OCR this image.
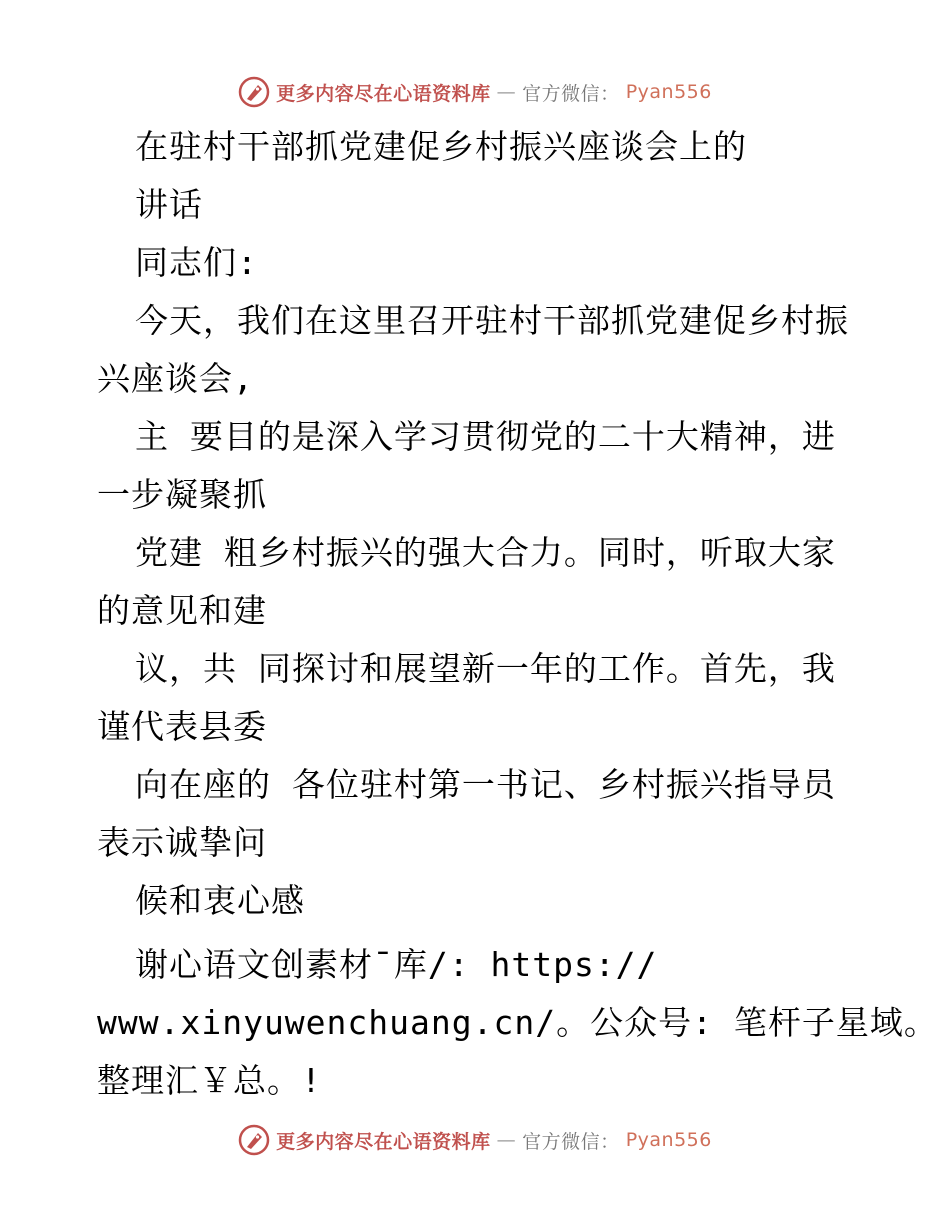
更多内容尽在心语资料库 — 官方微信： Pyan556
在驻村干部抓党建促乡村振兴座谈会上的
讲话
同志们:
今天，我们在这里召开驻村干部抓党建促乡村振
兴座谈会,
主 要目的是深入学习贯彻党的二十大精神，进
一步凝聚抓
党建 粗乡村振兴的强大合力。同时，听取大家
的意见和建
议，共 同探讨和展望新一年的工作。首先，我
谨代表县委
向在座的 各位驻村第一书记、乡村振兴指导员
表示诚挚问
候和衷心感
谢心语文创素材¯库/: https://
www.xinyuwenchuang.cn/。公众号: 笔杆子星域。
整理汇￥总。!
更多内容尽在心语资料库 — 官方微信： Pyan556
